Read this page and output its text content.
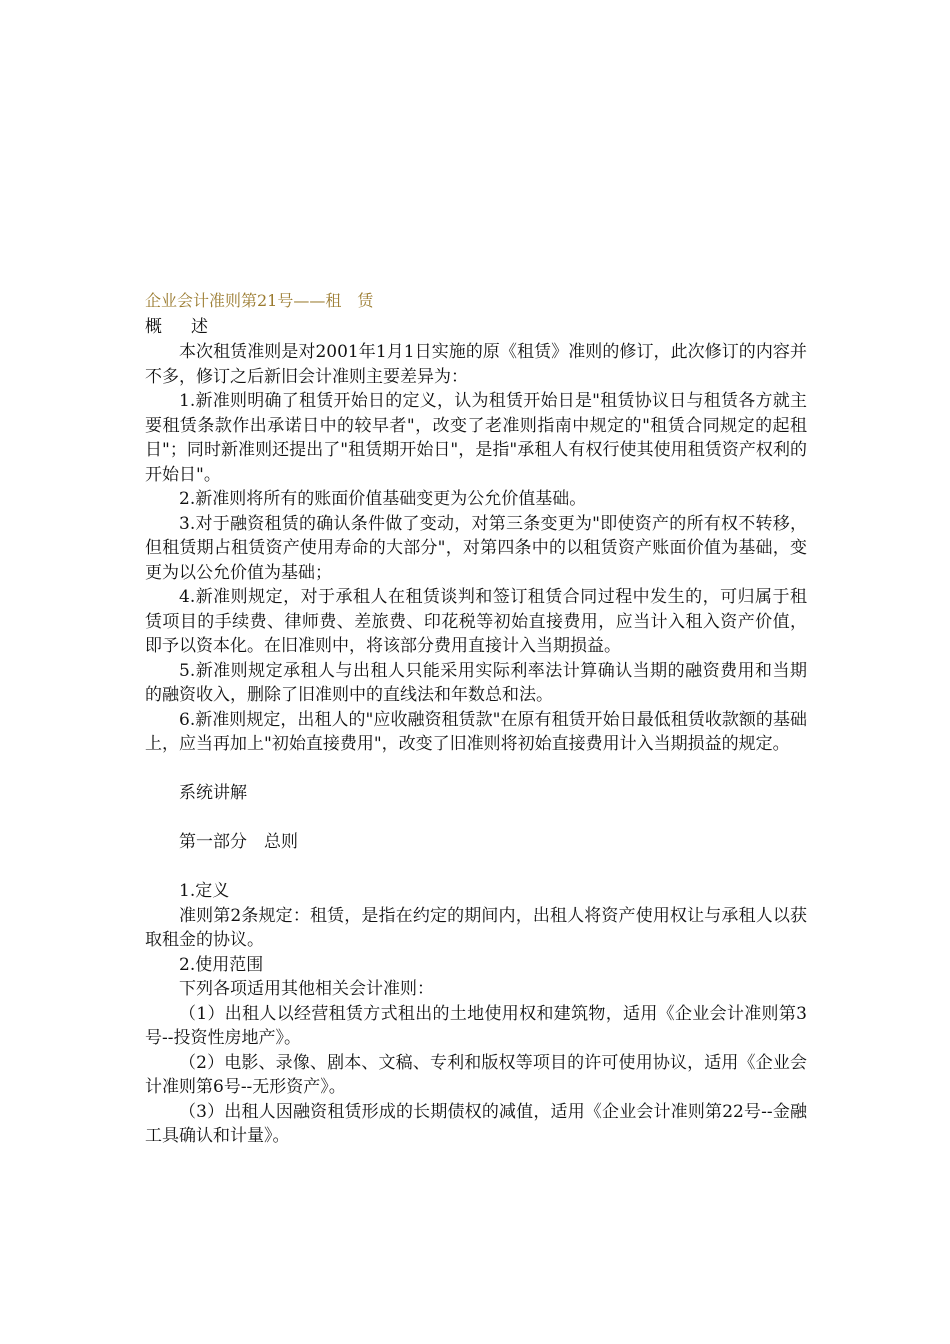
企业会计准则第21号——租　赁

概　述

本次租赁准则是对2001年1月1日实施的原《租赁》准则的修订，此次修订的内容并不多，修订之后新旧会计准则主要差异为：

1.新准则明确了租赁开始日的定义，认为租赁开始日是"租赁协议日与租赁各方就主要租赁条款作出承诺日中的较早者"，改变了老准则指南中规定的"租赁合同规定的起租日"；同时新准则还提出了"租赁期开始日"，是指"承租人有权行使其使用租赁资产权利的开始日"。

2.新准则将所有的账面价值基础变更为公允价值基础。

3.对于融资租赁的确认条件做了变动，对第三条变更为"即使资产的所有权不转移，但租赁期占租赁资产使用寿命的大部分"，对第四条中的以租赁资产账面价值为基础，变更为以公允价值为基础；

4.新准则规定，对于承租人在租赁谈判和签订租赁合同过程中发生的，可归属于租赁项目的手续费、律师费、差旅费、印花税等初始直接费用，应当计入租入资产价值，即予以资本化。在旧准则中，将该部分费用直接计入当期损益。

5.新准则规定承租人与出租人只能采用实际利率法计算确认当期的融资费用和当期的融资收入，删除了旧准则中的直线法和年数总和法。

6.新准则规定，出租人的"应收融资租赁款"在原有租赁开始日最低租赁收款额的基础上，应当再加上"初始直接费用"，改变了旧准则将初始直接费用计入当期损益的规定。

系统讲解

第一部分　总则

1.定义

准则第2条规定：租赁，是指在约定的期间内，出租人将资产使用权让与承租人以获取租金的协议。

2.使用范围

下列各项适用其他相关会计准则：

（1）出租人以经营租赁方式租出的土地使用权和建筑物，适用《企业会计准则第3号--投资性房地产》。

（2）电影、录像、剧本、文稿、专利和版权等项目的许可使用协议，适用《企业会计准则第6号--无形资产》。

（3）出租人因融资租赁形成的长期债权的减值，适用《企业会计准则第22号--金融工具确认和计量》。
